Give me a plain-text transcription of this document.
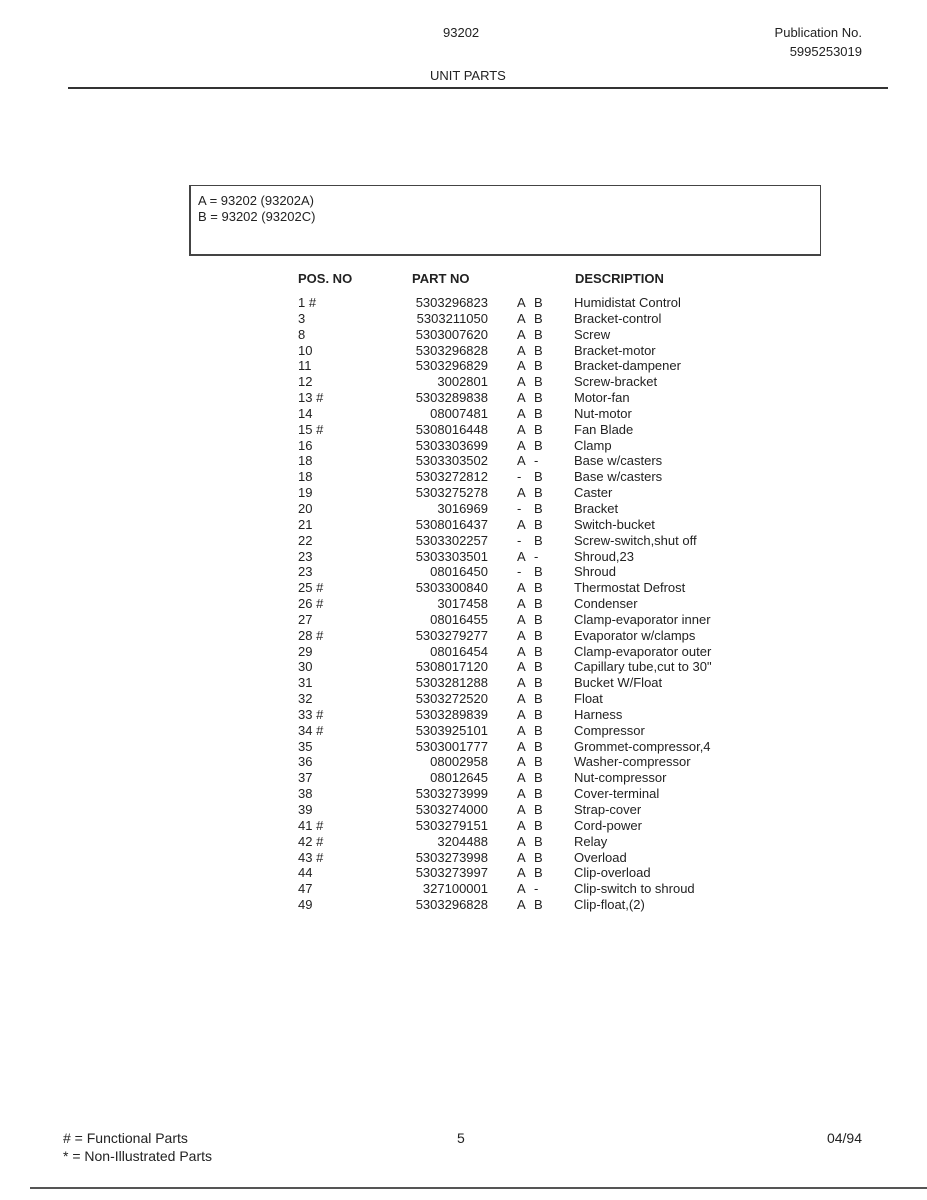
93202	Publication No.
5995253019
UNIT PARTS
A = 93202 (93202A)
B = 93202 (93202C)
POS. NO	PART NO	DESCRIPTION
1 #	5303296823 A B Humidistat Control
3	5303211050 A B Bracket-control
8	5303007620 A B Screw
10	5303296828 A B Bracket-motor
11	5303296829 A B Bracket-dampener
12	3002801 A B Screw-bracket
13 #	5303289838 A B Motor-fan
14	08007481 A B Nut-motor
15 #	5308016448 A B Fan Blade
16	5303303699 A B Clamp
18	5303303502 A -	Base w/casters
18	5303272812 - B Base w/casters
19	5303275278 A B Caster
20	3016969 - B Bracket
21	5308016437 A B Switch-bucket
22	5303302257 - B Screw-switch,shut off
23	5303303501 A -	Shroud,23
23	08016450 - B Shroud
25 #	5303300840 A B Thermostat Defrost
26 #	3017458 A B Condenser
27	08016455 A B Clamp-evaporator inner
28 #	5303279277 A B Evaporator w/clamps
29	08016454 A B Clamp-evaporator outer
30	5308017120 A B Capillary tube,cut to 30"
31	5303281288 A B Bucket W/Float
32	5303272520 A B Float
33 #	5303289839 A B Harness
34 #	5303925101 A B Compressor
35	5303001777 A B Grommet-compressor,4
36	08002958 A B Washer-compressor
37	08012645 A B Nut-compressor
38	5303273999 A B Cover-terminal
39	5303274000 A B Strap-cover
41 #	5303279151 A B Cord-power
42 #	3204488 A B Relay
43 #	5303273998 A B Overload
44	5303273997 A B Clip-overload
47	327100001 A -	Clip-switch to shroud
49	5303296828 A B Clip-float,(2)
# = Functional Parts
* = Non-Illustrated Parts
5	04/94
